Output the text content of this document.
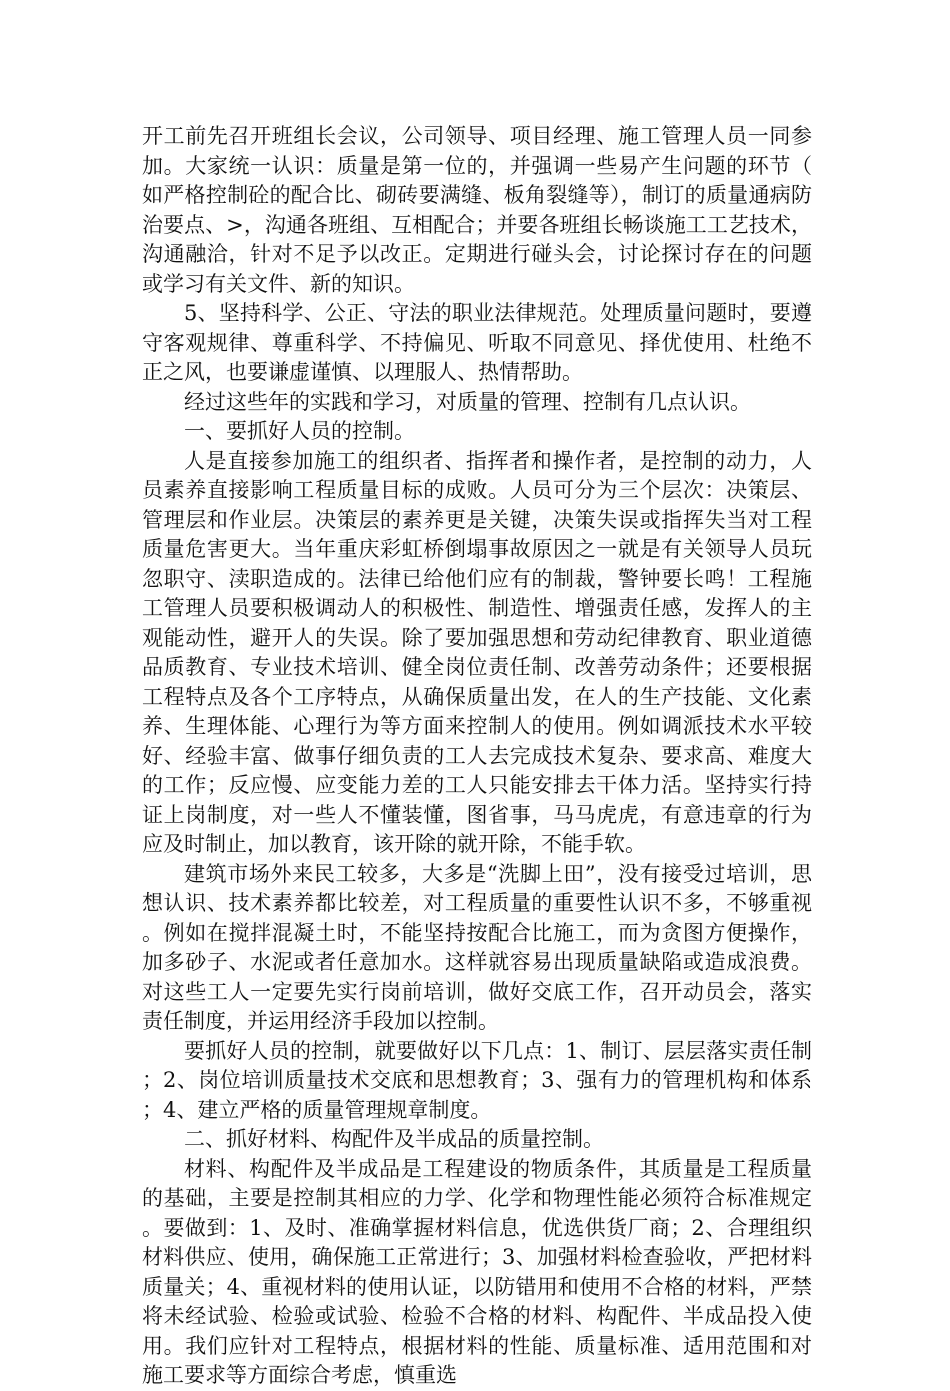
开工前先召开班组长会议，公司领导、项目经理、施工管理人员一同参加。大家统一认识：质量是第一位的，并强调一些易产生问题的环节（如严格控制砼的配合比、砌砖要满缝、板角裂缝等），制订的质量通病防治要点、>，沟通各班组、互相配合；并要各班组长畅谈施工工艺技术，沟通融洽，针对不足予以改正。定期进行碰头会，讨论探讨存在的问题或学习有关文件、新的知识。

5、坚持科学、公正、守法的职业法律规范。处理质量问题时，要遵守客观规律、尊重科学、不持偏见、听取不同意见、择优使用、杜绝不正之风，也要谦虚谨慎、以理服人、热情帮助。

经过这些年的实践和学习，对质量的管理、控制有几点认识。

一、要抓好人员的控制。

人是直接参加施工的组织者、指挥者和操作者，是控制的动力，人员素养直接影响工程质量目标的成败。人员可分为三个层次：决策层、管理层和作业层。决策层的素养更是关键，决策失误或指挥失当对工程质量危害更大。当年重庆彩虹桥倒塌事故原因之一就是有关领导人员玩忽职守、渎职造成的。法律已给他们应有的制裁，警钟要长鸣！工程施工管理人员要积极调动人的积极性、制造性、增强责任感，发挥人的主观能动性，避开人的失误。除了要加强思想和劳动纪律教育、职业道德品质教育、专业技术培训、健全岗位责任制、改善劳动条件；还要根据工程特点及各个工序特点，从确保质量出发，在人的生产技能、文化素养、生理体能、心理行为等方面来控制人的使用。例如调派技术水平较好、经验丰富、做事仔细负责的工人去完成技术复杂、要求高、难度大的工作；反应慢、应变能力差的工人只能安排去干体力活。坚持实行持证上岗制度，对一些人不懂装懂，图省事，马马虎虎，有意违章的行为应及时制止，加以教育，该开除的就开除，不能手软。

建筑市场外来民工较多，大多是“洗脚上田”，没有接受过培训，思想认识、技术素养都比较差，对工程质量的重要性认识不多，不够重视。例如在搅拌混凝土时，不能坚持按配合比施工，而为贪图方便操作，加多砂子、水泥或者任意加水。这样就容易出现质量缺陷或造成浪费。对这些工人一定要先实行岗前培训，做好交底工作，召开动员会，落实责任制度，并运用经济手段加以控制。

要抓好人员的控制，就要做好以下几点：1、制订、层层落实责任制；2、岗位培训质量技术交底和思想教育；3、强有力的管理机构和体系；4、建立严格的质量管理规章制度。

二、抓好材料、构配件及半成品的质量控制。

材料、构配件及半成品是工程建设的物质条件，其质量是工程质量的基础，主要是控制其相应的力学、化学和物理性能必须符合标准规定。要做到：1、及时、准确掌握材料信息，优选供货厂商；2、合理组织材料供应、使用，确保施工正常进行；3、加强材料检查验收，严把材料质量关；4、重视材料的使用认证，以防错用和使用不合格的材料，严禁将未经试验、检验或试验、检验不合格的材料、构配件、半成品投入使用。我们应针对工程特点，根据材料的性能、质量标准、适用范围和对施工要求等方面综合考虑，慎重选
